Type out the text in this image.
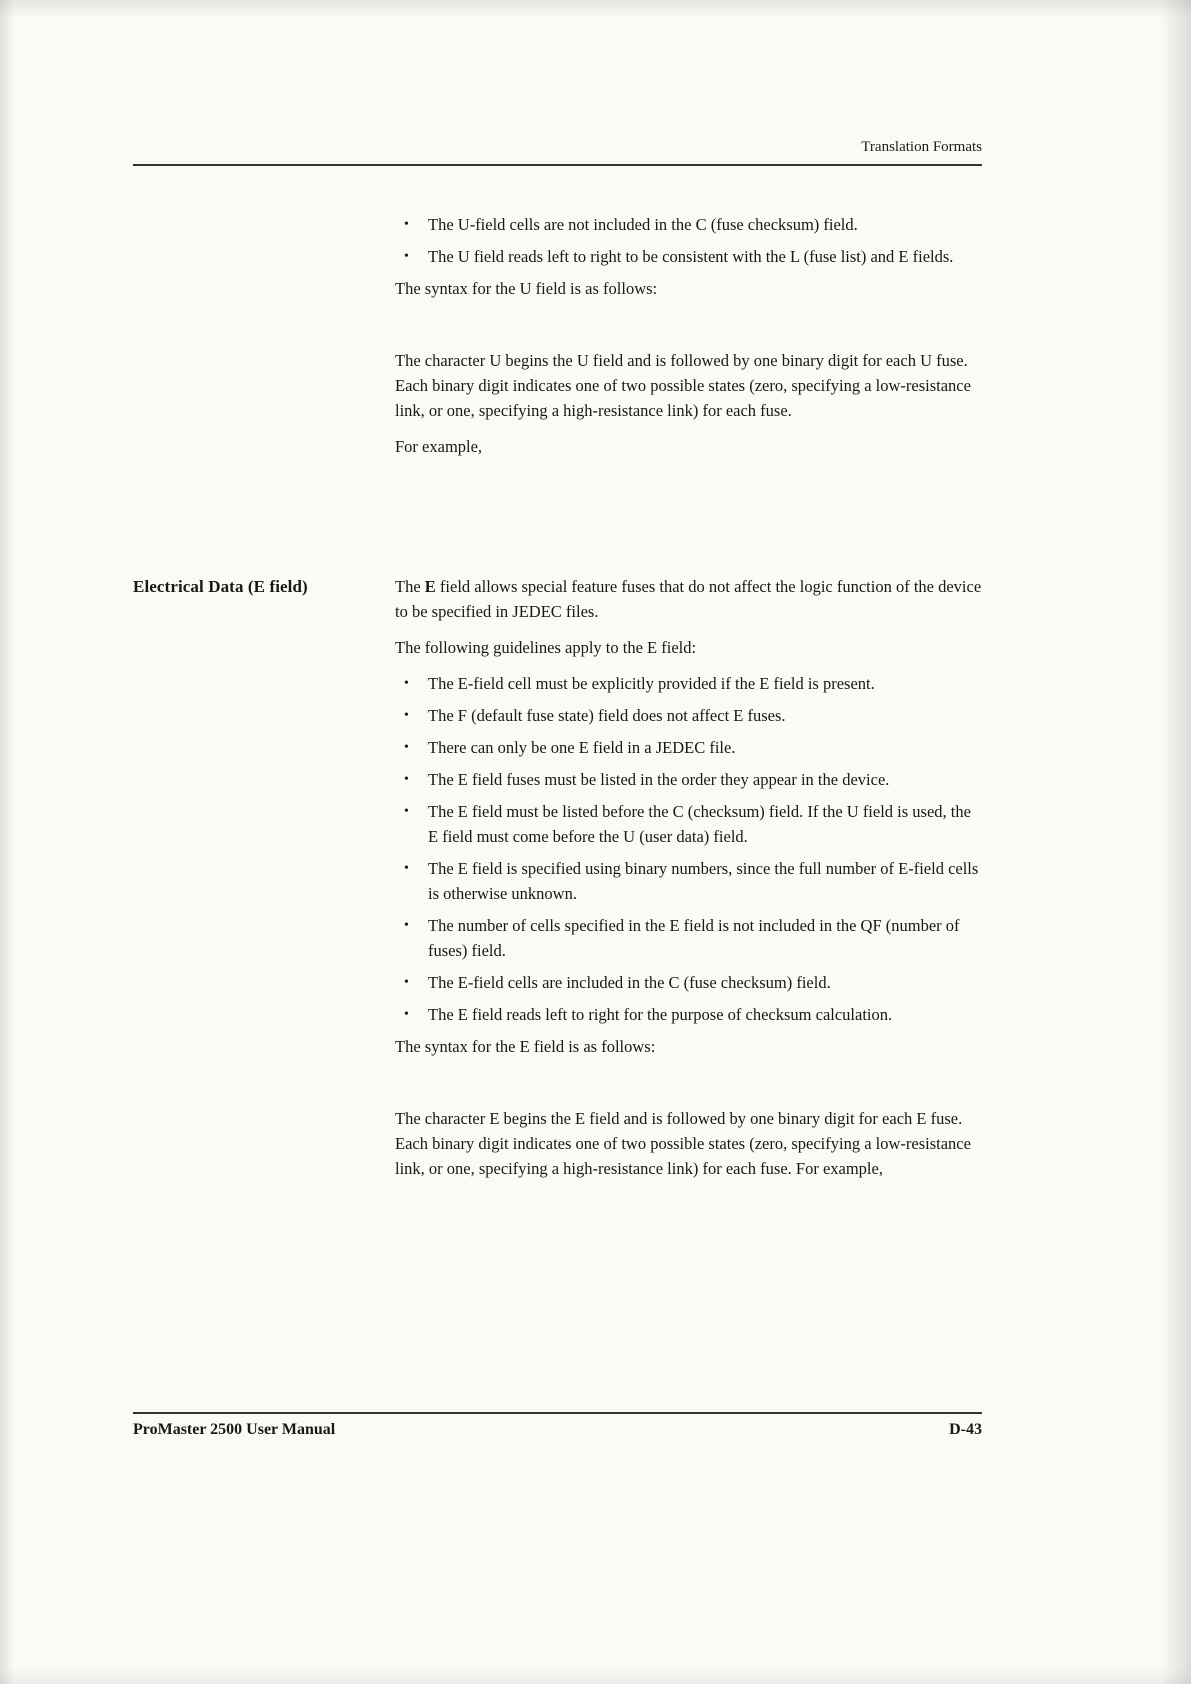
Translation Formats
• The U-field cells are not included in the C (fuse checksum) field.
• The U field reads left to right to be consistent with the L (fuse list) and E fields.

The syntax for the U field is as follows:

The character U begins the U field and is followed by one binary digit for each U fuse. Each binary digit indicates one of two possible states (zero, specifying a low-resistance link, or one, specifying a high-resistance link) for each fuse.

For example,

Electrical Data (E field)	The E field allows special feature fuses that do not affect the logic function of the device to be specified in JEDEC files.

The following guidelines apply to the E field:

• The E-field cell must be explicitly provided if the E field is present.
• The F (default fuse state) field does not affect E fuses.
• There can only be one E field in a JEDEC file.
• The E field fuses must be listed in the order they appear in the device.
• The E field must be listed before the C (checksum) field. If the U field is used, the E field must come before the U (user data) field.
• The E field is specified using binary numbers, since the full number of E-field cells is otherwise unknown.
• The number of cells specified in the E field is not included in the QF (number of fuses) field.
• The E-field cells are included in the C (fuse checksum) field.
• The E field reads left to right for the purpose of checksum calculation.

The syntax for the E field is as follows:

The character E begins the E field and is followed by one binary digit for each E fuse. Each binary digit indicates one of two possible states (zero, specifying a low-resistance link, or one, specifying a high-resistance link) for each fuse. For example,

ProMaster 2500 User Manual	D-43
